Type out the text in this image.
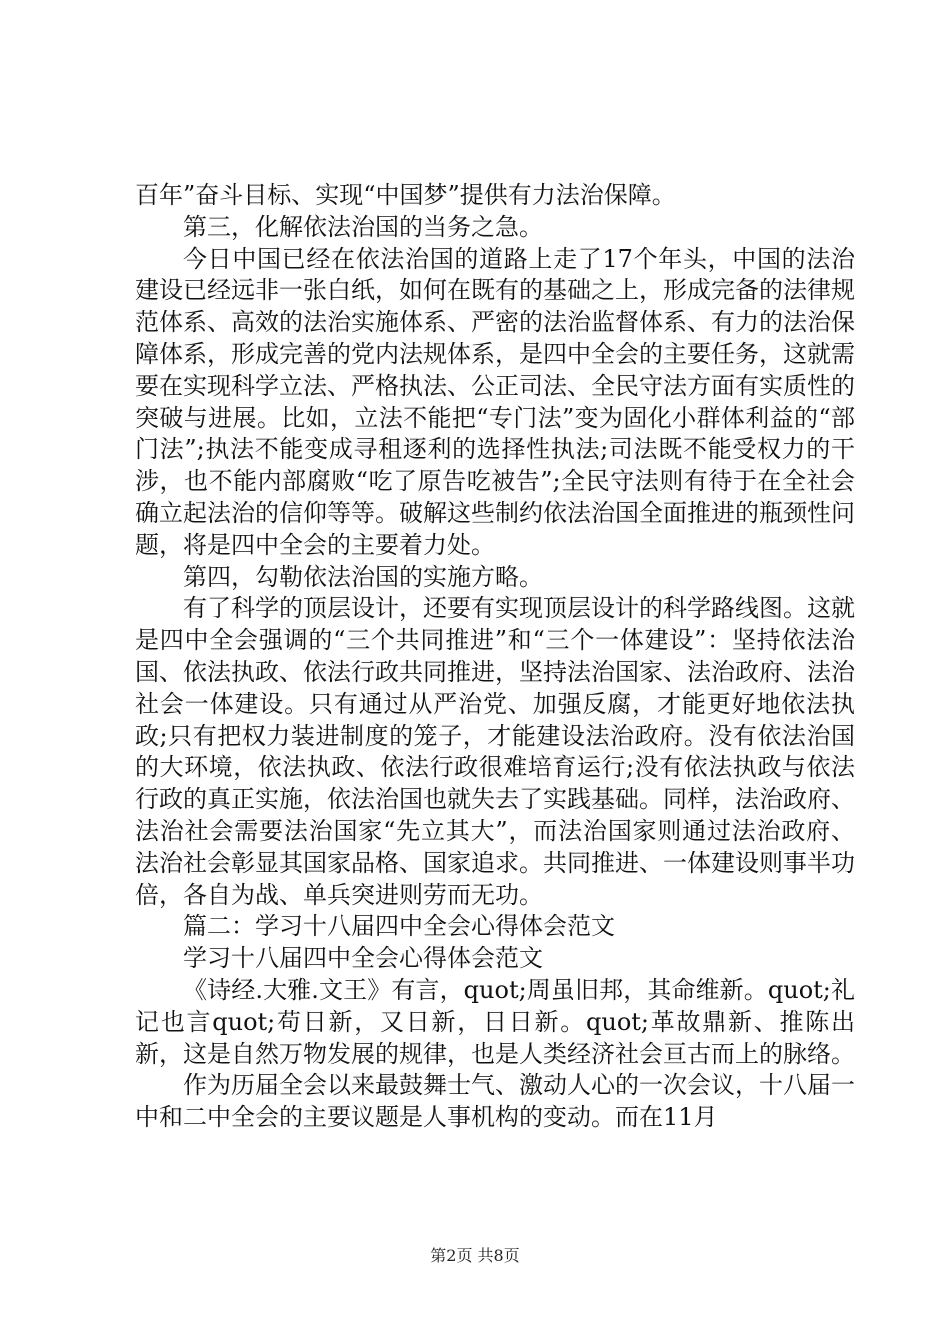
百年”奋斗目标、实现“中国梦”提供有力法治保障。

第三，化解依法治国的当务之急。

今日中国已经在依法治国的道路上走了17个年头，中国的法治建设已经远非一张白纸，如何在既有的基础之上，形成完备的法律规范体系、高效的法治实施体系、严密的法治监督体系、有力的法治保障体系，形成完善的党内法规体系，是四中全会的主要任务，这就需要在实现科学立法、严格执法、公正司法、全民守法方面有实质性的突破与进展。比如，立法不能把“专门法”变为固化小群体利益的“部门法”;执法不能变成寻租逐利的选择性执法;司法既不能受权力的干涉，也不能内部腐败“吃了原告吃被告”;全民守法则有待于在全社会确立起法治的信仰等等。破解这些制约依法治国全面推进的瓶颈性问题，将是四中全会的主要着力处。

第四，勾勒依法治国的实施方略。

有了科学的顶层设计，还要有实现顶层设计的科学路线图。这就是四中全会强调的“三个共同推进”和“三个一体建设”：坚持依法治国、依法执政、依法行政共同推进，坚持法治国家、法治政府、法治社会一体建设。只有通过从严治党、加强反腐，才能更好地依法执政;只有把权力装进制度的笼子，才能建设法治政府。没有依法治国的大环境，依法执政、依法行政很难培育运行;没有依法执政与依法行政的真正实施，依法治国也就失去了实践基础。同样，法治政府、法治社会需要法治国家“先立其大”，而法治国家则通过法治政府、法治社会彰显其国家品格、国家追求。共同推进、一体建设则事半功倍，各自为战、单兵突进则劳而无功。

篇二：学习十八届四中全会心得体会范文

学习十八届四中全会心得体会范文

《诗经.大雅.文王》有言，quot;周虽旧邦，其命维新。quot;礼记也言quot;苟日新，又日新，日日新。quot;革故鼎新、推陈出新，这是自然万物发展的规律，也是人类经济社会亘古而上的脉络。

作为历届全会以来最鼓舞士气、激动人心的一次会议，十八届一中和二中全会的主要议题是人事机构的变动。而在11月

第2页 共8页
